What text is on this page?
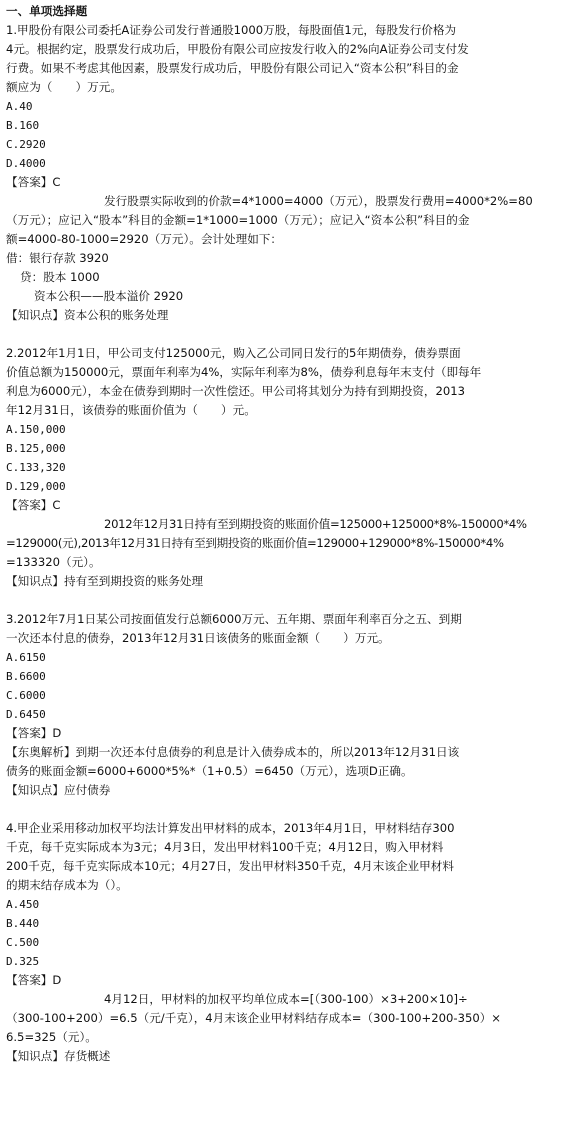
一、单项选择题
1.甲股份有限公司委托A证券公司发行普通股1000万股，每股面值1元，每股发行价格为
4元。根据约定，股票发行成功后，甲股份有限公司应按发行收入的2%向A证券公司支付发
行费。如果不考虑其他因素，股票发行成功后，甲股份有限公司记入“资本公积”科目的金
额应为（　　）万元。
A.40
B.160
C.2920
D.4000
【答案】C
发行股票实际收到的价款=4*1000=4000（万元），股票发行费用=4000*2%=80
（万元）；应记入“股本”科目的金额=1*1000=1000（万元）；应记入“资本公积”科目的金
额=4000-80-1000=2920（万元）。会计处理如下：
借：银行存款 3920
贷：股本 1000
资本公积——股本溢价 2920
【知识点】资本公积的账务处理
2.2012年1月1日，甲公司支付125000元，购入乙公司同日发行的5年期债券，债券票面
价值总额为150000元，票面年利率为4%，实际年利率为8%，债券利息每年末支付（即每年
利息为6000元），本金在债券到期时一次性偿还。甲公司将其划分为持有到期投资，2013
年12月31日，该债券的账面价值为（　　）元。
A.150,000
B.125,000
C.133,320
D.129,000
【答案】C
2012年12月31日持有至到期投资的账面价值=125000+125000*8%-150000*4%
=129000(元),2013年12月31日持有至到期投资的账面价值=129000+129000*8%-150000*4%
=133320（元）。
【知识点】持有至到期投资的账务处理
3.2012年7月1日某公司按面值发行总额6000万元、五年期、票面年利率百分之五、到期
一次还本付息的债券，2013年12月31日该债务的账面金额（　　）万元。
A.6150
B.6600
C.6000
D.6450
【答案】D
【东奥解析】到期一次还本付息债券的利息是计入债券成本的，所以2013年12月31日该
债务的账面金额=6000+6000*5%*（1+0.5）=6450（万元），选项D正确。
【知识点】应付债券
4.甲企业采用移动加权平均法计算发出甲材料的成本，2013年4月1日，甲材料结存300
千克，每千克实际成本为3元；4月3日，发出甲材料100千克；4月12日，购入甲材料
200千克，每千克实际成本10元；4月27日，发出甲材料350千克，4月末该企业甲材料
的期末结存成本为（）。
A.450
B.440
C.500
D.325
【答案】D
4月12日，甲材料的加权平均单位成本=[（300-100）×3+200×10]÷
（300-100+200）=6.5（元/千克），4月末该企业甲材料结存成本=（300-100+200-350）×
6.5=325（元）。
【知识点】存货概述
